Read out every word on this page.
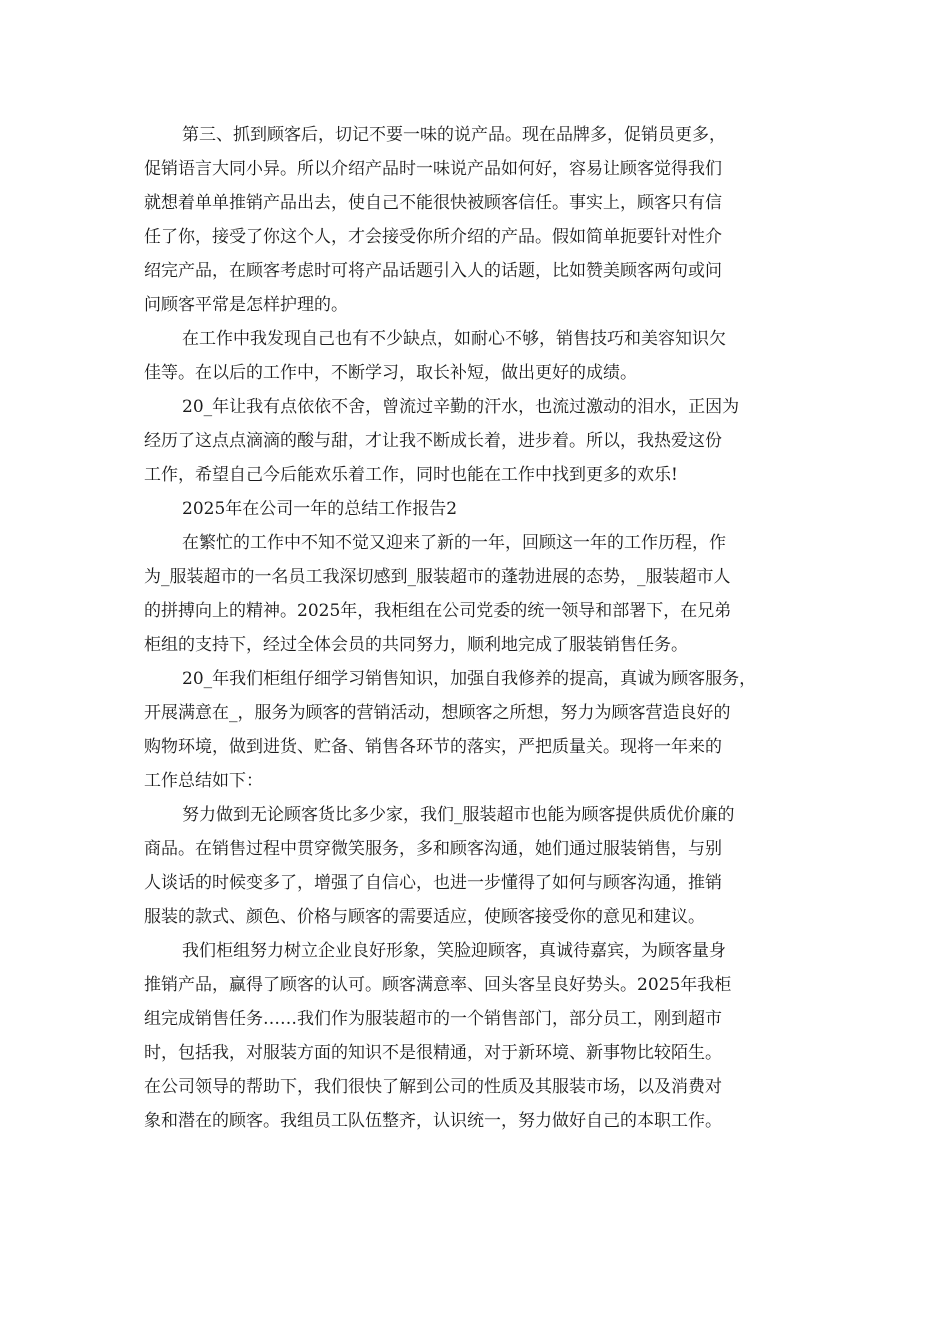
第三、抓到顾客后，切记不要一味的说产品。现在品牌多，促销员更多，
促销语言大同小异。所以介绍产品时一味说产品如何好，容易让顾客觉得我们
就想着单单推销产品出去，使自己不能很快被顾客信任。事实上，顾客只有信
任了你，接受了你这个人，才会接受你所介绍的产品。假如简单扼要针对性介
绍完产品，在顾客考虑时可将产品话题引入人的话题，比如赞美顾客两句或问
问顾客平常是怎样护理的。
在工作中我发现自己也有不少缺点，如耐心不够，销售技巧和美容知识欠
佳等。在以后的工作中，不断学习，取长补短，做出更好的成绩。
20_年让我有点依依不舍，曾流过辛勤的汗水，也流过激动的泪水，正因为
经历了这点点滴滴的酸与甜，才让我不断成长着，进步着。所以，我热爱这份
工作，希望自己今后能欢乐着工作，同时也能在工作中找到更多的欢乐!
2025年在公司一年的总结工作报告2
在繁忙的工作中不知不觉又迎来了新的一年，回顾这一年的工作历程，作
为_服装超市的一名员工我深切感到_服装超市的蓬勃进展的态势，_服装超市人
的拼搏向上的精神。2025年，我柜组在公司党委的统一领导和部署下，在兄弟
柜组的支持下，经过全体会员的共同努力，顺利地完成了服装销售任务。
20_年我们柜组仔细学习销售知识，加强自我修养的提高，真诚为顾客服务，
开展满意在_，服务为顾客的营销活动，想顾客之所想，努力为顾客营造良好的
购物环境，做到进货、贮备、销售各环节的落实，严把质量关。现将一年来的
工作总结如下：
努力做到无论顾客货比多少家，我们_服装超市也能为顾客提供质优价廉的
商品。在销售过程中贯穿微笑服务，多和顾客沟通，她们通过服装销售，与别
人谈话的时候变多了，增强了自信心，也进一步懂得了如何与顾客沟通，推销
服装的款式、颜色、价格与顾客的需要适应，使顾客接受你的意见和建议。
我们柜组努力树立企业良好形象，笑脸迎顾客，真诚待嘉宾，为顾客量身
推销产品，赢得了顾客的认可。顾客满意率、回头客呈良好势头。2025年我柜
组完成销售任务……我们作为服装超市的一个销售部门，部分员工，刚到超市
时，包括我，对服装方面的知识不是很精通，对于新环境、新事物比较陌生。
在公司领导的帮助下，我们很快了解到公司的性质及其服装市场，以及消费对
象和潜在的顾客。我组员工队伍整齐，认识统一，努力做好自己的本职工作。
